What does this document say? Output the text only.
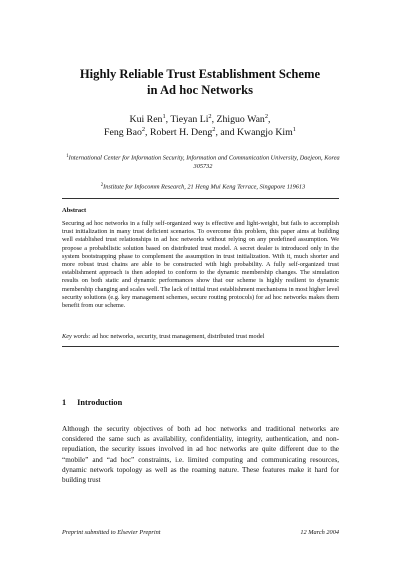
Highly Reliable Trust Establishment Scheme
in Ad hoc Networks

Kui Ren$^1$, Tieyan Li$^2$, Zhiguo Wan$^2$,
Feng Bao$^2$, Robert H. Deng$^2$, and Kwangjo Kim$^1$

$^1$International Center for Information Security, Information and Communication University, Daejeon, Korea 305732

$^2$Institute for Infocomm Research, 21 Heng Mui Keng Terrace, Singapore 119613

Abstract

Securing ad hoc networks in a fully self-organized way is effective and light-weight, but fails to accomplish trust initialization in many trust deficient scenarios. To overcome this problem, this paper aims at building well established trust relationships in ad hoc networks without relying on any predefined assumption. We propose a probabilistic solution based on distributed trust model. A secret dealer is introduced only in the system bootstrapping phase to complement the assumption in trust initialization. With it, much shorter and more robust trust chains are able to be constructed with high probability. A fully self-organized trust establishment approach is then adopted to conform to the dynamic membership changes. The simulation results on both static and dynamic performances show that our scheme is highly resilient to dynamic membership changing and scales well. The lack of initial trust establishment mechanisms in most higher level security solutions (e.g. key management schemes, secure routing protocols) for ad hoc networks makes them benefit from our scheme.

Key words: ad hoc networks, security, trust management, distributed trust model

1 Introduction

Although the security objectives of both ad hoc networks and traditional networks are considered the same such as availability, confidentiality, integrity, authentication, and non-repudiation, the security issues involved in ad hoc networks are quite different due to the “mobile” and “ad hoc” constraints, i.e. limited computing and communicating resources, dynamic network topology as well as the roaming nature. These features make it hard for building trust

Preprint submitted to Elsevier Preprint	12 March 2004
